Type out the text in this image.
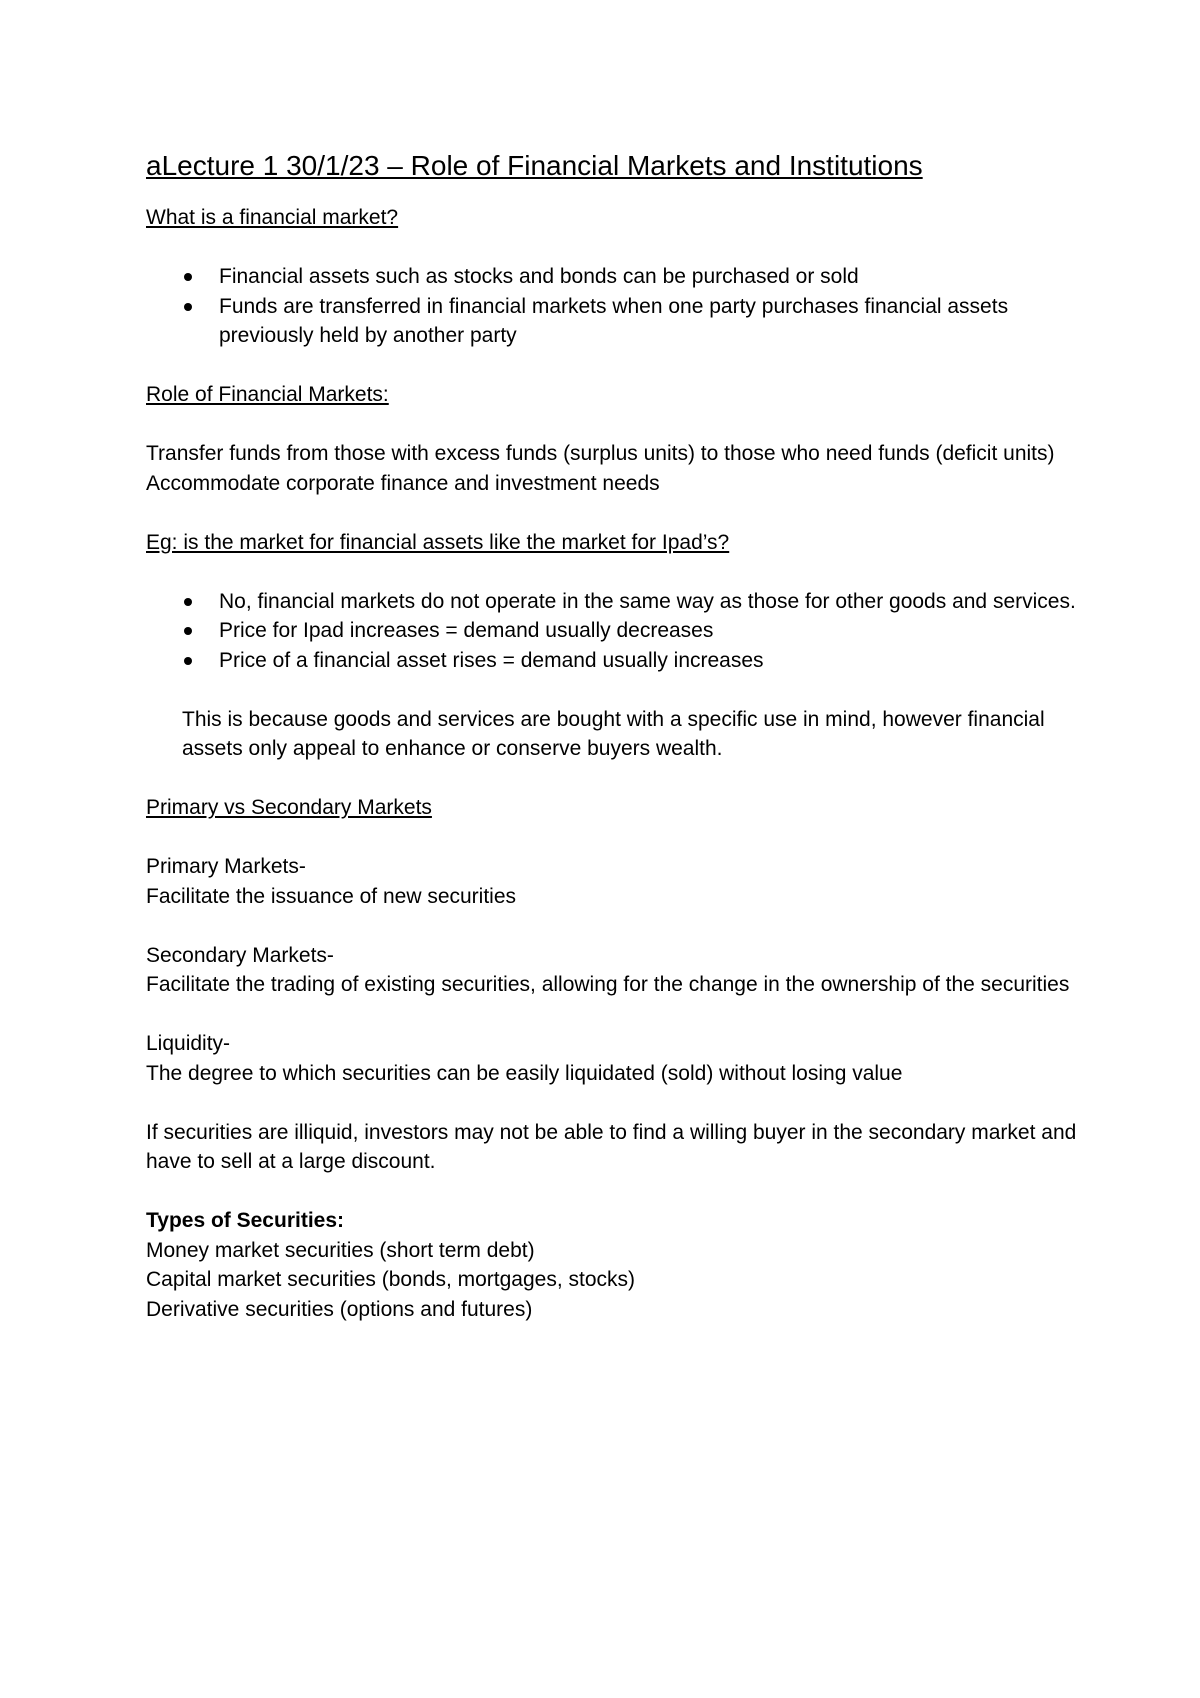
aLecture 1 30/1/23 – Role of Financial Markets and Institutions
What is a financial market?
Financial assets such as stocks and bonds can be purchased or sold
Funds are transferred in financial markets when one party purchases financial assets previously held by another party
Role of Financial Markets:

Transfer funds from those with excess funds (surplus units) to those who need funds (deficit units)

Accommodate corporate finance and investment needs

Eg: is the market for financial assets like the market for Ipad’s?
No, financial markets do not operate in the same way as those for other goods and services.
Price for Ipad increases = demand usually decreases
Price of a financial asset rises = demand usually increases

This is because goods and services are bought with a specific use in mind, however financial assets only appeal to enhance or conserve buyers wealth.

Primary vs Secondary Markets

Primary Markets-

Facilitate the issuance of new securities

Secondary Markets-

Facilitate the trading of existing securities, allowing for the change in the ownership of the securities

Liquidity-

The degree to which securities can be easily liquidated (sold) without losing value

If securities are illiquid, investors may not be able to find a willing buyer in the secondary market and have to sell at a large discount.

Types of Securities:

Money market securities (short term debt)

Capital market securities (bonds, mortgages, stocks)

Derivative securities (options and futures)
